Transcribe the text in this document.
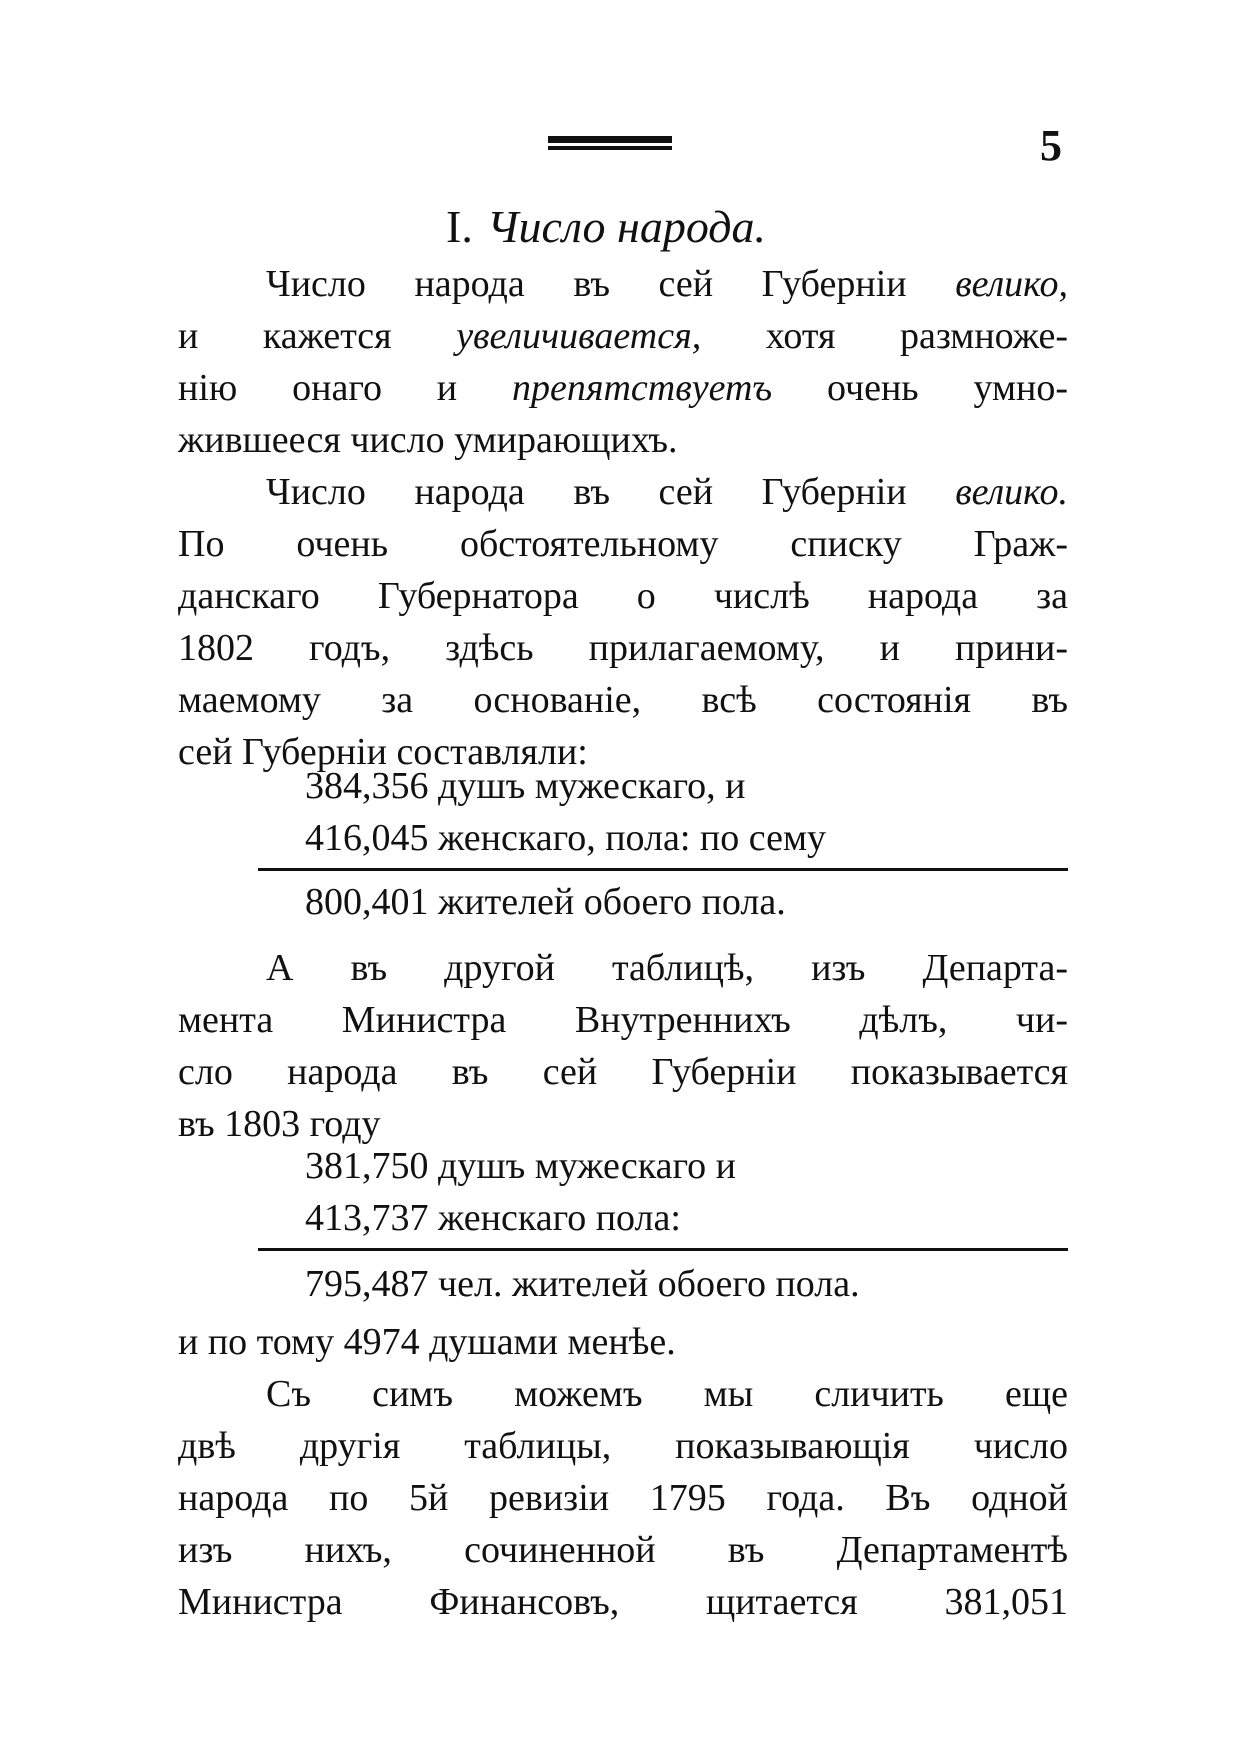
5
I. Число народа.
Число народа въ сей Губерніи велико,
и кажется увеличивается, хотя размноже-
нію онаго и препятствуетъ очень умно-
жившееся число умирающихъ.
Число народа въ сей Губерніи велико.
По очень обстоятельному списку Граж-
данскаго Губернатора о числѣ народа за
1802 годъ, здѣсь прилагаемому, и прини-
маемому за основаніе, всѣ состоянія въ
сей Губерніи составляли:
384,356 душъ мужескаго, и
416,045 женскаго, пола: по сему
800,401 жителей обоего пола.
А въ другой таблицѣ, изъ Департа-
мента Министра Внутреннихъ дѣлъ, чи-
сло народа въ сей Губерніи показывается
въ 1803 году
381,750 душъ мужескаго и
413,737 женскаго пола:
795,487 чел. жителей обоего пола.
и по тому 4974 душами менѣе.
Съ симъ можемъ мы сличить еще
двѣ другія таблицы, показывающія число
народа по 5й ревизіи 1795 года. Въ одной
изъ нихъ, сочиненной въ Департаментѣ
Министра Финансовъ, щитается 381,051
